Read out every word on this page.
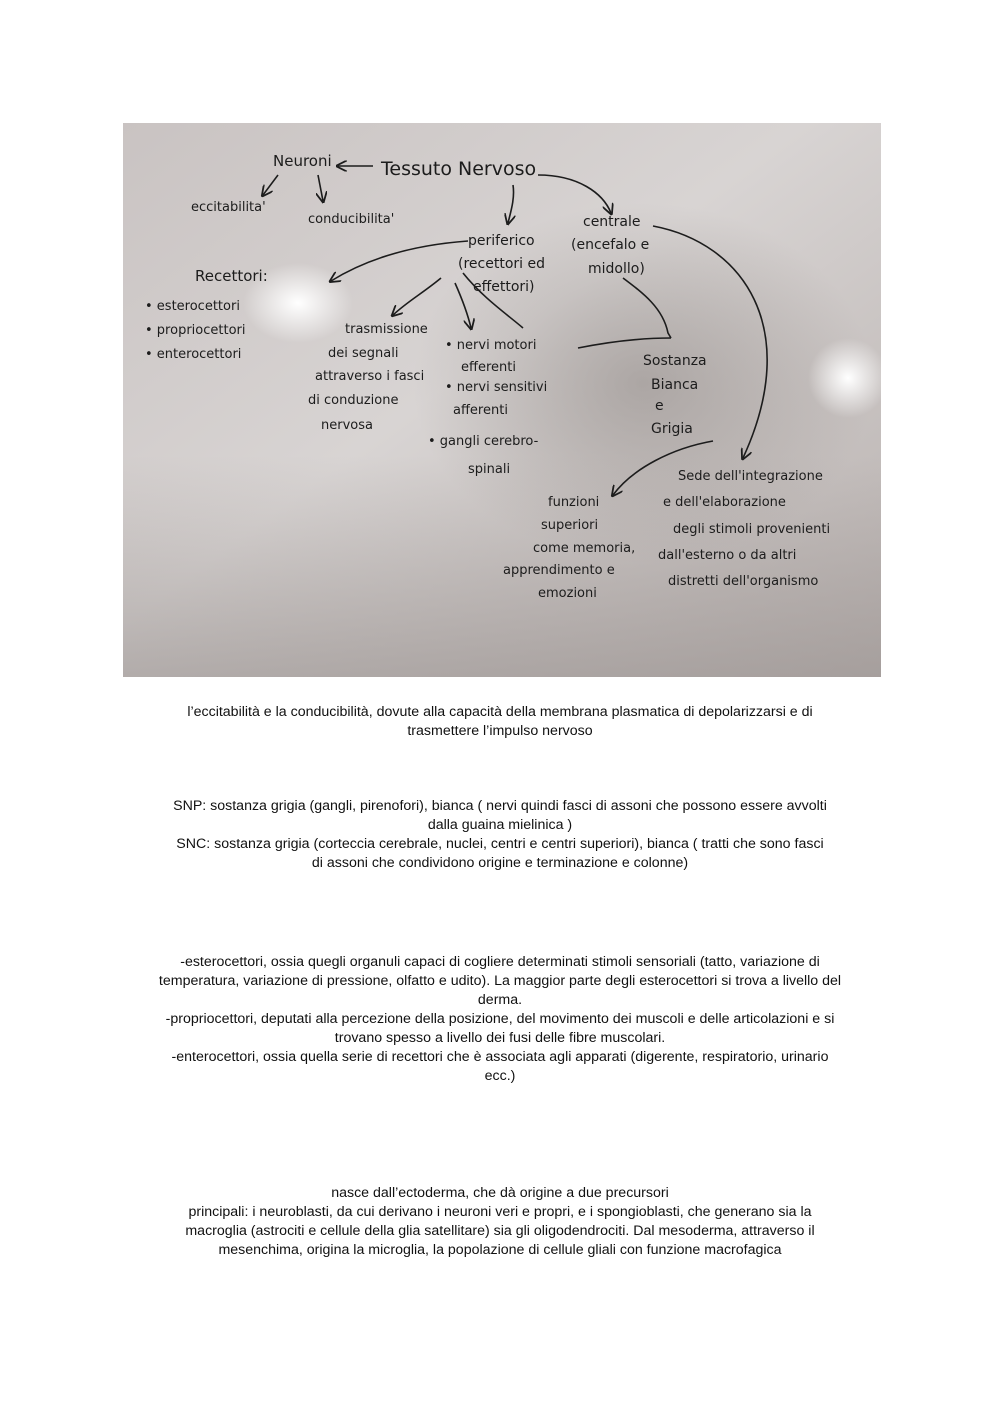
Tessuto Nervoso
Neuroni
eccitabilita'
conducibilita'
periferico (recettori ed effettori)
centrale (encefalo e midollo)
Recettori: • esterocettori • propriocettori • enterocettori
trasmissione dei segnali attraverso i fasci di conduzione nervosa
• nervi motori efferenti • nervi sensitivi afferenti • gangli cerebro- spinali
Sostanza Bianca e Grigia
funzioni superiori come memoria, apprendimento e emozioni
Sede dell'integrazione e dell'elaborazione degli stimoli provenienti dall'esterno o da altri distretti dell'organismo
l’eccitabilità e la conducibilità, dovute alla capacità della membrana plasmatica di depolarizzarsi e di
trasmettere l’impulso nervoso
SNP: sostanza grigia (gangli, pirenofori), bianca ( nervi quindi fasci di assoni che possono essere avvolti
dalla guaina mielinica )
SNC: sostanza grigia (corteccia cerebrale, nuclei, centri e centri superiori), bianca ( tratti che sono fasci
di assoni che condividono origine e terminazione e colonne)
-esterocettori, ossia quegli organuli capaci di cogliere determinati stimoli sensoriali (tatto, variazione di
temperatura, variazione di pressione, olfatto e udito). La maggior parte degli esterocettori si trova a livello del
derma.
-propriocettori, deputati alla percezione della posizione, del movimento dei muscoli e delle articolazioni e si
trovano spesso a livello dei fusi delle fibre muscolari.
-enterocettori, ossia quella serie di recettori che è associata agli apparati (digerente, respiratorio, urinario
ecc.)
nasce dall’ectoderma, che dà origine a due precursori
principali: i neuroblasti, da cui derivano i neuroni veri e propri, e i spongioblasti, che generano sia la
macroglia (astrociti e cellule della glia satellitare) sia gli oligodendrociti. Dal mesoderma, attraverso il
mesenchima, origina la microglia, la popolazione di cellule gliali con funzione macrofagica
